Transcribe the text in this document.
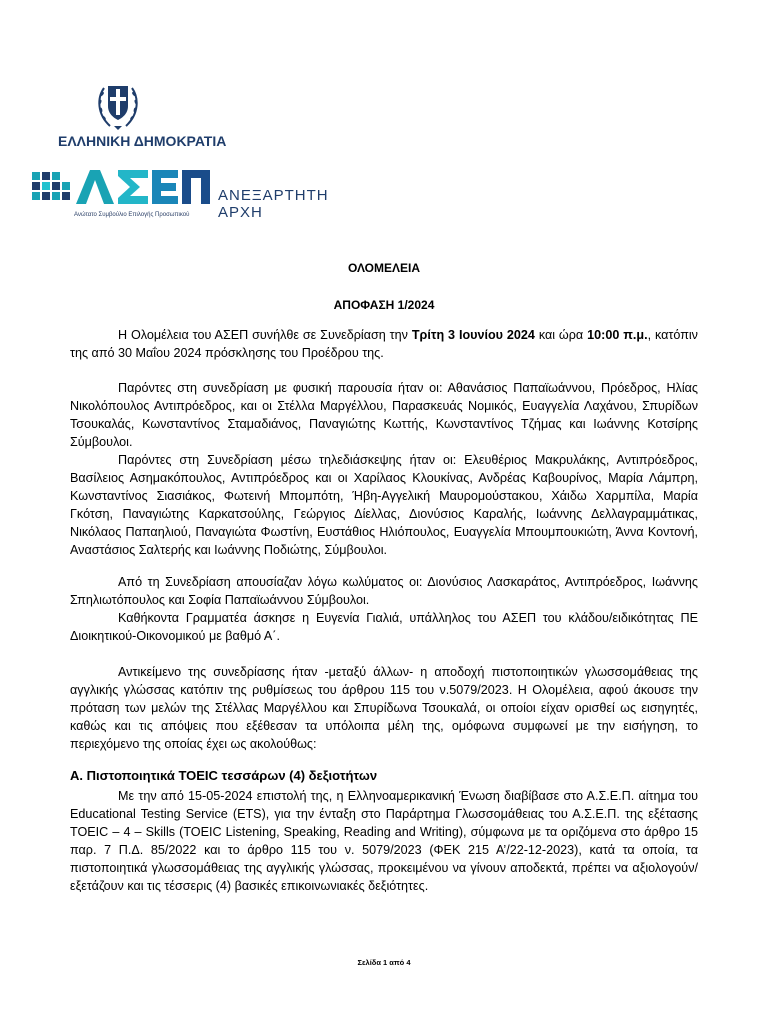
ΕΛΛΗΝΙΚΗ ΔΗΜΟΚΡΑΤΙΑ
Ανώτατο Συμβούλιο Επιλογής Προσωπικού
ΑΝΕΞΑΡΤΗΤΗ
ΑΡΧΗ
ΟΛΟΜΕΛΕΙΑ
ΑΠΟΦΑΣΗ 1/2024
Η Ολομέλεια του ΑΣΕΠ συνήλθε σε Συνεδρίαση την Τρίτη 3 Ιουνίου 2024 και ώρα 10:00 π.μ., κατόπιν της από 30 Μαΐου 2024 πρόσκλησης του Προέδρου της.
Παρόντες στη συνεδρίαση με φυσική παρουσία ήταν οι: Αθανάσιος Παπαϊωάννου, Πρόεδρος, Ηλίας Νικολόπουλος Αντιπρόεδρος, και οι Στέλλα Μαργέλλου, Παρασκευάς Νομικός, Ευαγγελία Λαχάνου, Σπυρίδων Τσουκαλάς, Κωνσταντίνος Σταμαδιάνος, Παναγιώτης Κωττής, Κωνσταντίνος Τζήμας και Ιωάννης Κοτσίρης Σύμβουλοι.
Παρόντες στη Συνεδρίαση μέσω τηλεδιάσκεψης ήταν οι: Ελευθέριος Μακρυλάκης, Αντιπρόεδρος, Βασίλειος Ασημακόπουλος, Αντιπρόεδρος και οι Χαρίλαος Κλουκίνας, Ανδρέας Καβουρίνος, Μαρία Λάμπρη, Κωνσταντίνος Σιασιάκος, Φωτεινή Μπομπότη, Ήβη-Αγγελική Μαυρομούστακου, Χάιδω Χαρμπίλα, Μαρία Γκότση, Παναγιώτης Καρκατσούλης, Γεώργιος Δίελλας, Διονύσιος Καραλής, Ιωάννης Δελλαγραμμάτικας, Νικόλαος Παπαηλιού, Παναγιώτα Φωστίνη, Ευστάθιος Ηλιόπουλος, Ευαγγελία Μπουμπουκιώτη, Άννα Κοντονή, Αναστάσιος Σαλτερής και Ιωάννης Ποδιώτης, Σύμβουλοι.
Από τη Συνεδρίαση απουσίαζαν λόγω κωλύματος οι: Διονύσιος Λασκαράτος, Αντιπρόεδρος, Ιωάννης Σπηλιωτόπουλος και Σοφία Παπαϊωάννου Σύμβουλοι.
Καθήκοντα Γραμματέα άσκησε η Ευγενία Γιαλιά, υπάλληλος του ΑΣΕΠ του κλάδου/ειδικότητας ΠΕ Διοικητικού-Οικονομικού με βαθμό Α΄.
Αντικείμενο της συνεδρίασης ήταν -μεταξύ άλλων- η αποδοχή πιστοποιητικών γλωσσομάθειας της αγγλικής γλώσσας κατόπιν της ρυθμίσεως του άρθρου 115 του ν.5079/2023. Η Ολομέλεια, αφού άκουσε την πρόταση των μελών της Στέλλας Μαργέλλου και Σπυρίδωνα Τσουκαλά, οι οποίοι είχαν ορισθεί ως εισηγητές, καθώς και τις απόψεις που εξέθεσαν τα υπόλοιπα μέλη της, ομόφωνα συμφωνεί με την εισήγηση, το περιεχόμενο της οποίας έχει ως ακολούθως:
Α. Πιστοποιητικά TOEIC τεσσάρων (4) δεξιοτήτων
Με την από 15-05-2024 επιστολή της, η Ελληνοαμερικανική Ένωση διαβίβασε στο Α.Σ.Ε.Π. αίτημα του Educational Testing Service (ETS), για την ένταξη στο Παράρτημα Γλωσσομάθειας του Α.Σ.Ε.Π. της εξέτασης TOEIC – 4 – Skills (TOEIC Listening, Speaking, Reading and Writing), σύμφωνα με τα οριζόμενα στο άρθρο 15 παρ. 7 Π.Δ. 85/2022 και το άρθρο 115 του ν. 5079/2023 (ΦΕΚ 215 Α’/22-12-2023), κατά τα οποία, τα πιστοποιητικά γλωσσομάθειας της αγγλικής γλώσσας, προκειμένου να γίνουν αποδεκτά, πρέπει να αξιολογούν/εξετάζουν και τις τέσσερις (4) βασικές επικοινωνιακές δεξιότητες.
Σελίδα 1 από 4
